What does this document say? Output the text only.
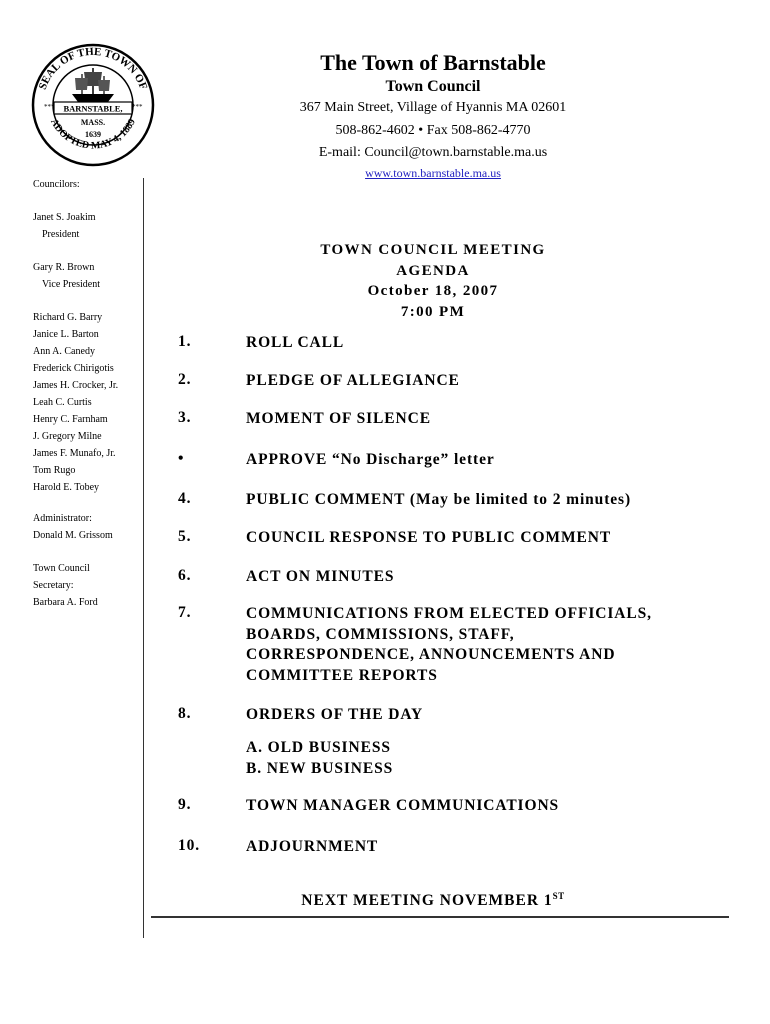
SEAL OF THE TOWN OF
ADOPTED MAY 4, 1889
***	***
BARNSTABLE,
MASS.
1639
The Town of Barnstable
Town Council
367 Main Street, Village of Hyannis MA 02601
508-862-4602 • Fax 508-862-4770
E-mail: Council@town.barnstable.ma.us
www.town.barnstable.ma.us
Councilors:
Janet S. Joakim
President
Gary R. Brown
Vice President
Richard G. Barry
Janice L. Barton
Ann A. Canedy
Frederick Chirigotis
James H. Crocker, Jr.
Leah C. Curtis
Henry C. Farnham
J. Gregory Milne
James F. Munafo, Jr.
Tom Rugo
Harold E. Tobey
Administrator:
Donald M. Grissom
Town Council
Secretary:
Barbara A. Ford
TOWN COUNCIL MEETING
AGENDA
October 18, 2007
7:00 PM
1.	ROLL CALL
2.	PLEDGE OF ALLEGIANCE
3.	MOMENT OF SILENCE
•	APPROVE “No Discharge” letter
4.	PUBLIC COMMENT (May be limited to 2 minutes)
5.	COUNCIL RESPONSE TO PUBLIC COMMENT
6.	ACT ON MINUTES
7.	COMMUNICATIONS FROM ELECTED OFFICIALS,
BOARDS, COMMISSIONS, STAFF,
CORRESPONDENCE, ANNOUNCEMENTS AND
COMMITTEE REPORTS
8.	ORDERS OF THE DAY
A. OLD BUSINESS
B. NEW BUSINESS
9.	TOWN MANAGER COMMUNICATIONS
10.	ADJOURNMENT
NEXT MEETING NOVEMBER 1ST
